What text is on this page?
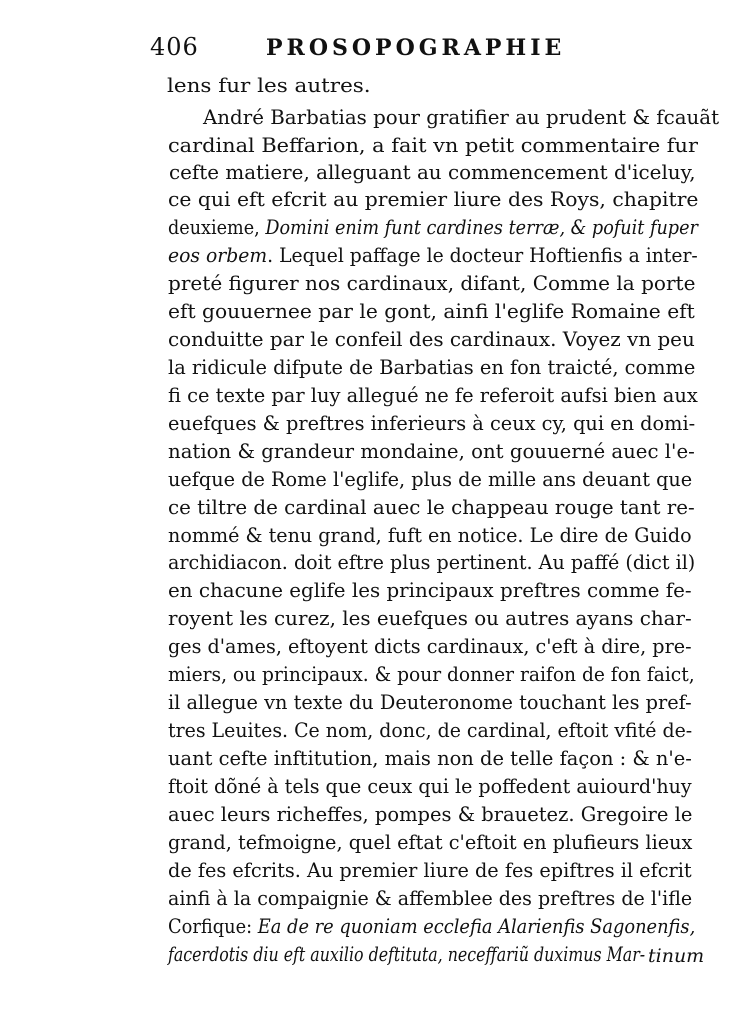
406	PROSOPOGRAPHIE
lens fur les autres.
André Barbatias pour gratifier au prudent & fcauãt
cardinal Beffarion, a fait vn petit commentaire fur
cefte matiere, alleguant au commencement d'iceluy,
ce qui eft efcrit au premier liure des Roys, chapitre
deuxieme, Domini enim funt cardines terræ, & pofuit fuper
eos orbem. Lequel paffage le docteur Hoftienfis a inter-
preté figurer nos cardinaux, difant, Comme la porte
eft gouuernee par le gont, ainfi l'eglife Romaine eft
conduitte par le confeil des cardinaux. Voyez vn peu
la ridicule difpute de Barbatias en fon traicté, comme
fi ce texte par luy allegué ne fe referoit aufsi bien aux
euefques & preftres inferieurs à ceux cy, qui en domi-
nation & grandeur mondaine, ont gouuerné auec l'e-
uefque de Rome l'eglife, plus de mille ans deuant que
ce tiltre de cardinal auec le chappeau rouge tant re-
nommé & tenu grand, fuft en notice. Le dire de Guido
archidiacon. doit eftre plus pertinent. Au paffé (dict il)
en chacune eglife les principaux preftres comme fe-
royent les curez, les euefques ou autres ayans char-
ges d'ames, eftoyent dicts cardinaux, c'eft à dire, pre-
miers, ou principaux. & pour donner raifon de fon faict,
il allegue vn texte du Deuteronome touchant les pref-
tres Leuites. Ce nom, donc, de cardinal, eftoit vfité de-
uant cefte inftitution, mais non de telle façon : & n'e-
ftoit dõné à tels que ceux qui le poffedent auiourd'huy
auec leurs richeffes, pompes & brauetez. Gregoire le
grand, tefmoigne, quel eftat c'eftoit en plufieurs lieux
de fes efcrits. Au premier liure de fes epiftres il efcrit
ainfi à la compaignie & affemblee des preftres de l'ifle
Corfique: Ea de re quoniam ecclefia Alarienfis Sagonenfis,
facerdotis diu eft auxilio deftituta, neceffariũ duximus Mar- tinum
